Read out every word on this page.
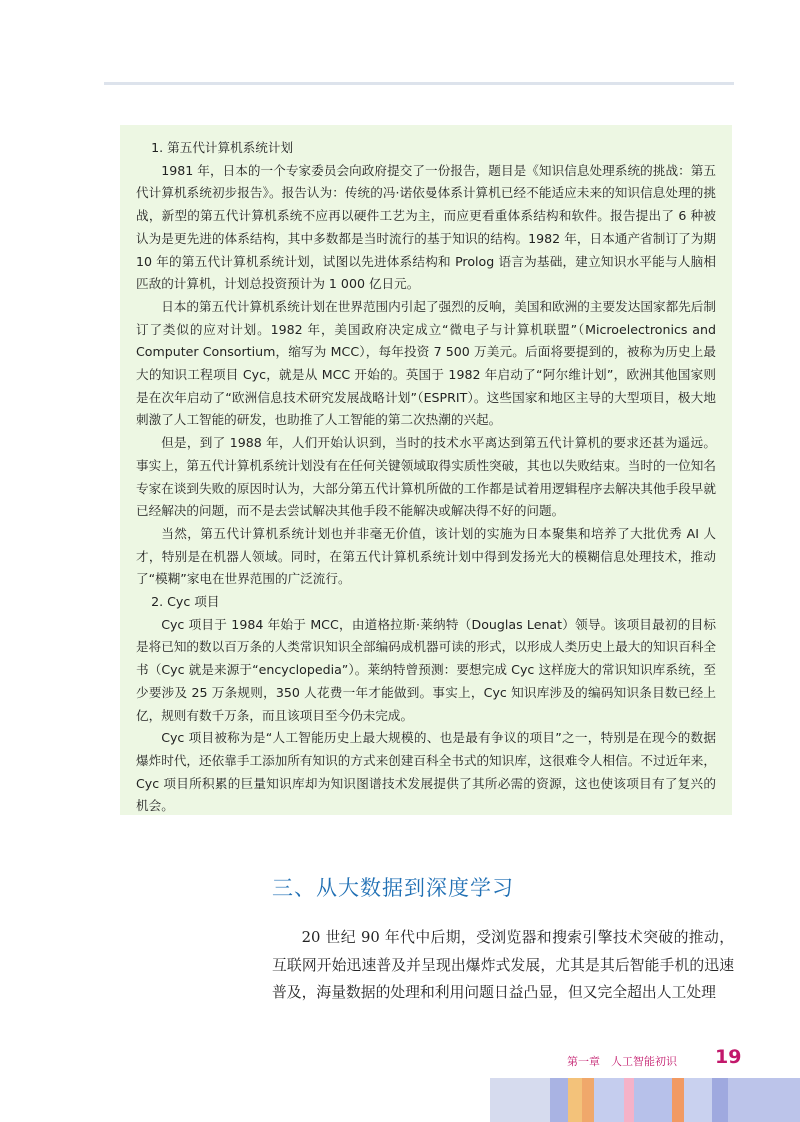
1. 第五代计算机系统计划

1981 年，日本的一个专家委员会向政府提交了一份报告，题目是《知识信息处理系统的挑战：第五代计算机系统初步报告》。报告认为：传统的冯·诺依曼体系计算机已经不能适应未来的知识信息处理的挑战，新型的第五代计算机系统不应再以硬件工艺为主，而应更看重体系结构和软件。报告提出了 6 种被认为是更先进的体系结构，其中多数都是当时流行的基于知识的结构。1982 年，日本通产省制订了为期 10 年的第五代计算机系统计划，试图以先进体系结构和 Prolog 语言为基础，建立知识水平能与人脑相匹敌的计算机，计划总投资预计为 1 000 亿日元。

日本的第五代计算机系统计划在世界范围内引起了强烈的反响，美国和欧洲的主要发达国家都先后制订了类似的应对计划。1982 年，美国政府决定成立“微电子与计算机联盟”（Microelectronics and Computer Consortium，缩写为 MCC），每年投资 7 500 万美元。后面将要提到的，被称为历史上最大的知识工程项目 Cyc，就是从 MCC 开始的。英国于 1982 年启动了“阿尔维计划”，欧洲其他国家则是在次年启动了“欧洲信息技术研究发展战略计划”（ESPRIT）。这些国家和地区主导的大型项目，极大地刺激了人工智能的研发，也助推了人工智能的第二次热潮的兴起。

但是，到了 1988 年，人们开始认识到，当时的技术水平离达到第五代计算机的要求还甚为遥远。事实上，第五代计算机系统计划没有在任何关键领域取得实质性突破，其也以失败结束。当时的一位知名专家在谈到失败的原因时认为，大部分第五代计算机所做的工作都是试着用逻辑程序去解决其他手段早就已经解决的问题，而不是去尝试解决其他手段不能解决或解决得不好的问题。

当然，第五代计算机系统计划也并非毫无价值，该计划的实施为日本聚集和培养了大批优秀 AI 人才，特别是在机器人领域。同时，在第五代计算机系统计划中得到发扬光大的模糊信息处理技术，推动了“模糊”家电在世界范围的广泛流行。

2. Cyc 项目

Cyc 项目于 1984 年始于 MCC，由道格拉斯·莱纳特（Douglas Lenat）领导。该项目最初的目标是将已知的数以百万条的人类常识知识全部编码成机器可读的形式，以形成人类历史上最大的知识百科全书（Cyc 就是来源于“encyclopedia”）。莱纳特曾预测：要想完成 Cyc 这样庞大的常识知识库系统，至少要涉及 25 万条规则，350 人花费一年才能做到。事实上，Cyc 知识库涉及的编码知识条目数已经上亿，规则有数千万条，而且该项目至今仍未完成。

Cyc 项目被称为是“人工智能历史上最大规模的、也是最有争议的项目”之一，特别是在现今的数据爆炸时代，还依靠手工添加所有知识的方式来创建百科全书式的知识库，这很难令人相信。不过近年来，Cyc 项目所积累的巨量知识库却为知识图谱技术发展提供了其所必需的资源，这也使该项目有了复兴的机会。

三、从大数据到深度学习

20 世纪 90 年代中后期，受浏览器和搜索引擎技术突破的推动，互联网开始迅速普及并呈现出爆炸式发展，尤其是其后智能手机的迅速普及，海量数据的处理和利用问题日益凸显，但又完全超出人工处理

第一章　人工智能初识 19
